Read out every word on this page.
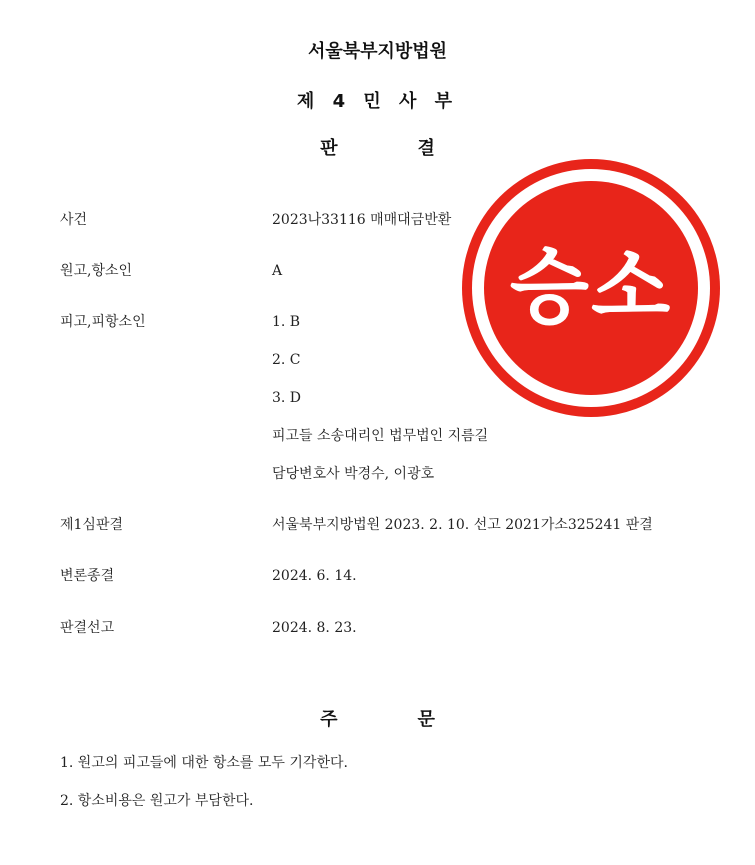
서울북부지방법원
제 4 민 사 부
판	결
사건	2023나33116 매매대금반환
원고,항소인	A
피고,피항소인	1. B
2. C
3. D
피고들 소송대리인 법무법인 지름길
담당변호사 박경수, 이광호
제1심판결	서울북부지방법원 2023. 2. 10. 선고 2021가소325241 판결
변론종결	2024. 6. 14.
판결선고	2024. 8. 23.
주	문
1. 원고의 피고들에 대한 항소를 모두 기각한다.
2. 항소비용은 원고가 부담한다.
승소
